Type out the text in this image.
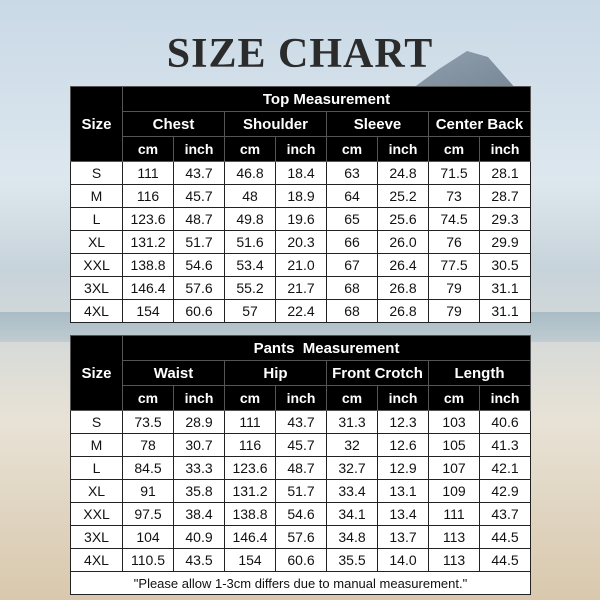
SIZE CHART
Size	Top Measurement							
	Chest		Shoulder		Sleeve		Center Back	
	cm	inch	cm	inch	cm	inch	cm	inch
S	111	43.7	46.8	18.4	63	24.8	71.5	28.1
M	116	45.7	48	18.9	64	25.2	73	28.7
L	123.6	48.7	49.8	19.6	65	25.6	74.5	29.3
XL	131.2	51.7	51.6	20.3	66	26.0	76	29.9
XXL	138.8	54.6	53.4	21.0	67	26.4	77.5	30.5
3XL	146.4	57.6	55.2	21.7	68	26.8	79	31.1
4XL	154	60.6	57	22.4	68	26.8	79	31.1
Size	Pants  Measurement							
	Waist		Hip		Front Crotch		Length	
	cm	inch	cm	inch	cm	inch	cm	inch
S	73.5	28.9	111	43.7	31.3	12.3	103	40.6
M	78	30.7	116	45.7	32	12.6	105	41.3
L	84.5	33.3	123.6	48.7	32.7	12.9	107	42.1
XL	91	35.8	131.2	51.7	33.4	13.1	109	42.9
XXL	97.5	38.4	138.8	54.6	34.1	13.4	111	43.7
3XL	104	40.9	146.4	57.6	34.8	13.7	113	44.5
4XL	110.5	43.5	154	60.6	35.5	14.0	113	44.5
"Please allow 1-3cm differs due to manual measurement."								
